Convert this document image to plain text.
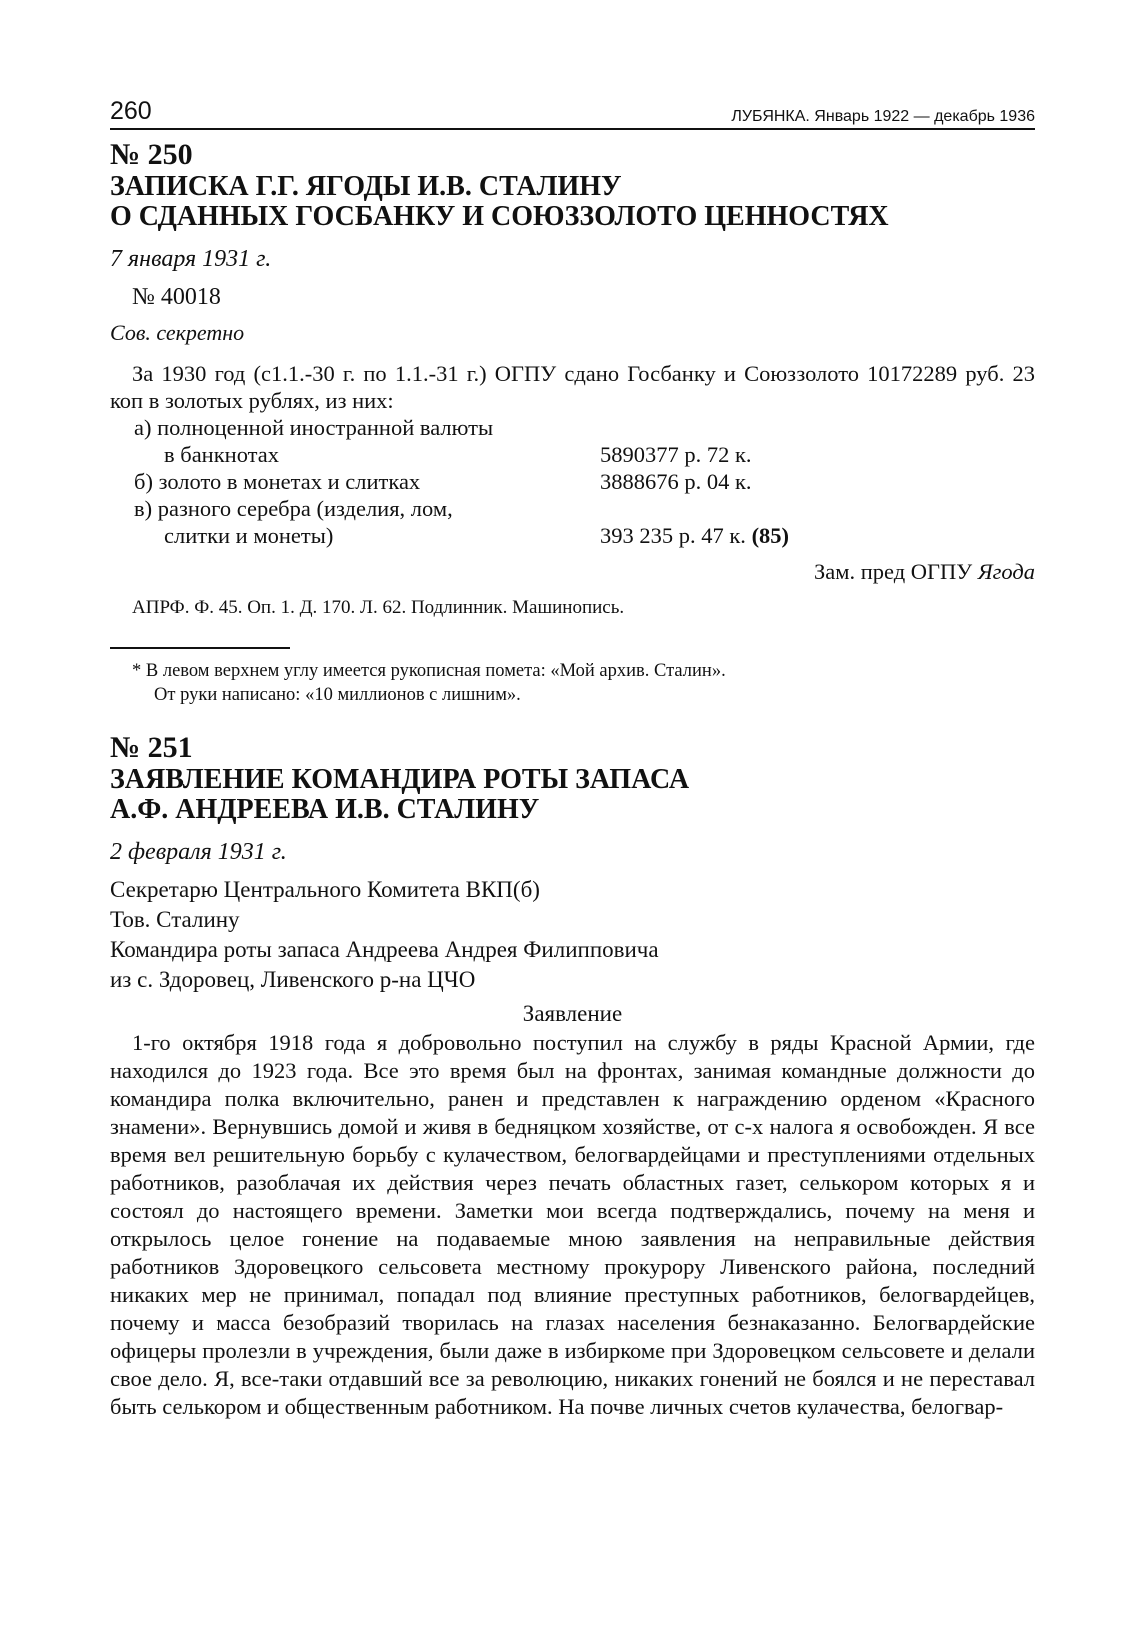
260	ЛУБЯНКА. Январь 1922 — декабрь 1936
№ 250
ЗАПИСКА Г.Г. ЯГОДЫ И.В. СТАЛИНУ
О СДАННЫХ ГОСБАНКУ И СОЮЗЗОЛОТО ЦЕННОСТЯХ
7 января 1931 г.
№ 40018
Сов. секретно
За 1930 год (с1.1.-30 г. по 1.1.-31 г.) ОГПУ сдано Госбанку и Союззолото 10172289 руб. 23 коп в золотых рублях, из них:
а) полноценной иностранной валюты
в банкнотах	5890377 р. 72 к.
б) золото в монетах и слитках	3888676 р. 04 к.
в) разного серебра (изделия, лом,
слитки и монеты)	393 235 р. 47 к. (85)
Зам. пред ОГПУ Ягода
АПРФ. Ф. 45. Оп. 1. Д. 170. Л. 62. Подлинник. Машинопись.
* В левом верхнем углу имеется рукописная помета: «Мой архив. Сталин».
От руки написано: «10 миллионов с лишним».
№ 251
ЗАЯВЛЕНИЕ КОМАНДИРА РОТЫ ЗАПАСА
А.Ф. АНДРЕЕВА И.В. СТАЛИНУ
2 февраля 1931 г.
Секретарю Центрального Комитета ВКП(б)
Тов. Сталину
Командира роты запаса Андреева Андрея Филипповича
из с. Здоровец, Ливенского р-на ЦЧО
Заявление
1-го октября 1918 года я добровольно поступил на службу в ряды Красной Армии, где находился до 1923 года. Все это время был на фронтах, занимая командные должности до командира полка включительно, ранен и представлен к награждению орденом «Красного знамени». Вернувшись домой и живя в бедняцком хозяйстве, от с-х налога я освобожден. Я все время вел решительную борьбу с кулачеством, белогвардейцами и преступлениями отдельных работников, разоблачая их действия через печать областных газет, селькором которых я и состоял до настоящего времени. Заметки мои всегда подтверждались, почему на меня и открылось целое гонение на подаваемые мною заявления на неправильные действия работников Здоровецкого сельсовета местному прокурору Ливенского района, последний никаких мер не принимал, попадал под влияние преступных работников, белогвардейцев, почему и масса безобразий творилась на глазах населения безнаказанно. Белогвардейские офицеры пролезли в учреждения, были даже в избиркоме при Здоровецком сельсовете и делали свое дело. Я, все-таки отдавший все за революцию, никаких гонений не боялся и не переставал быть селькором и общественным работником. На почве личных счетов кулачества, белогвар-
